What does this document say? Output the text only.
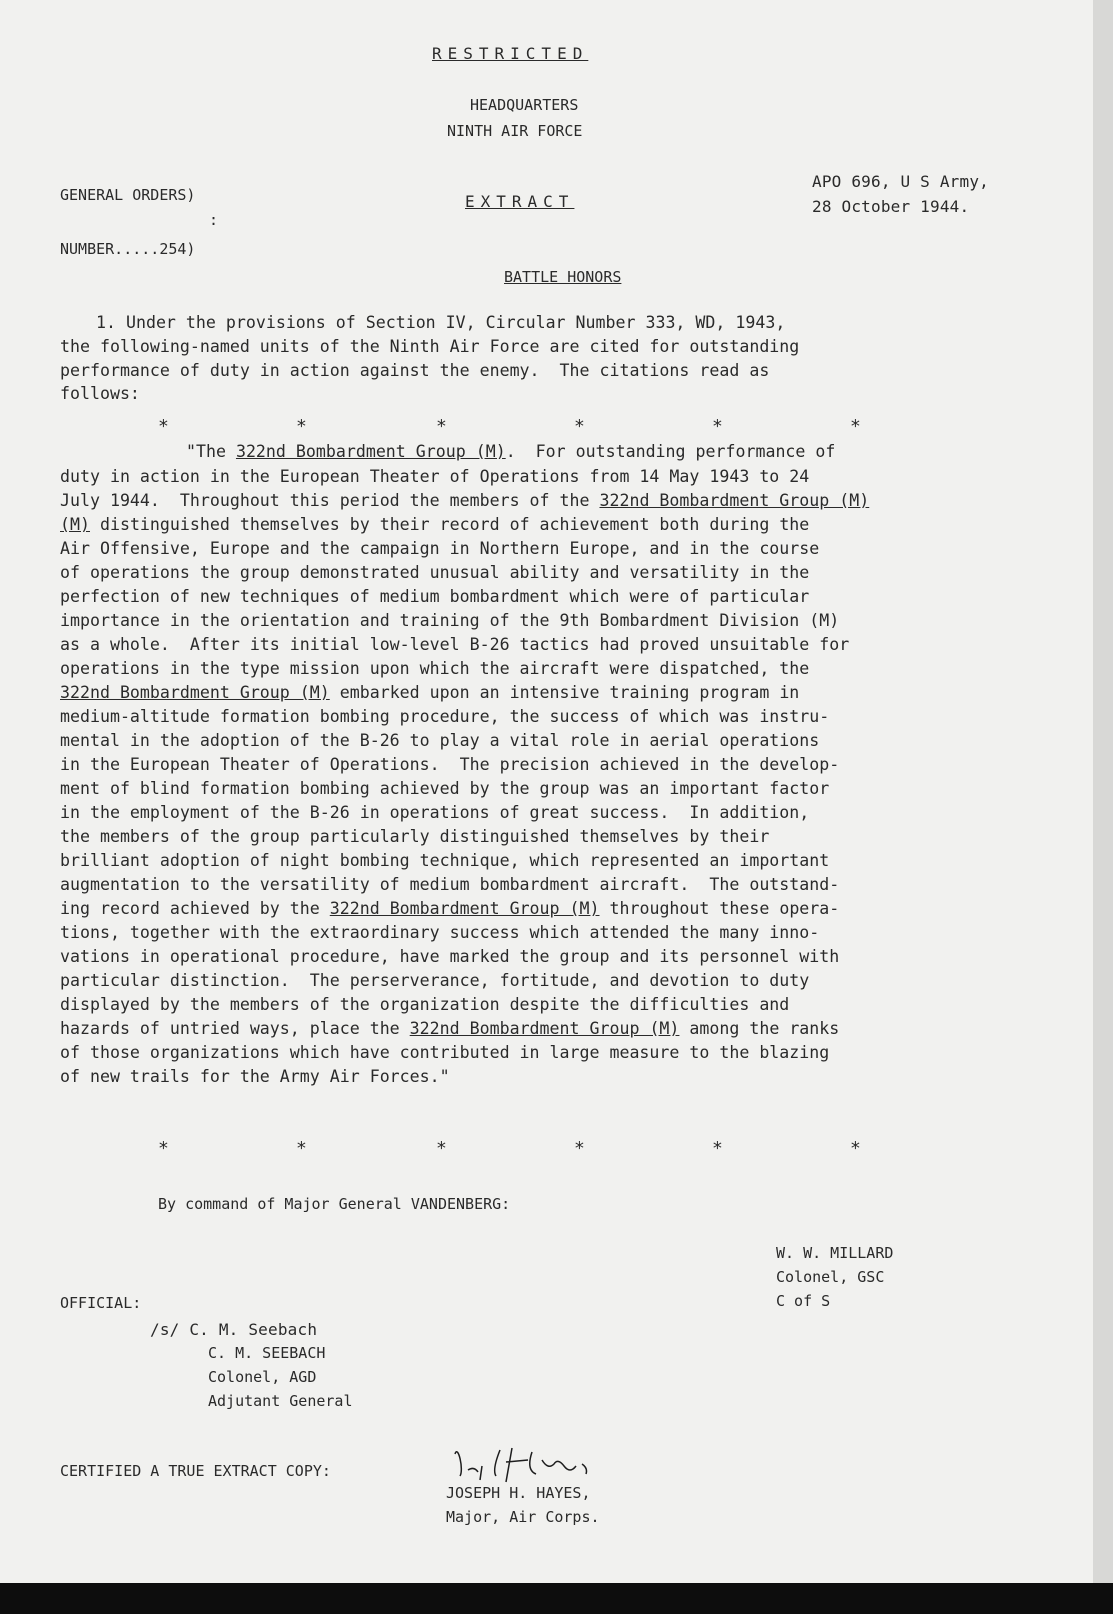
RESTRICTED
HEADQUARTERS
NINTH AIR FORCE
GENERAL ORDERS)
:
NUMBER.....254)
EXTRACT
APO 696, U S Army,
28 October 1944.
BATTLE HONORS
1. Under the provisions of Section IV, Circular Number 333, WD, 1943,
the following-named units of the Ninth Air Force are cited for outstanding
performance of duty in action against the enemy.  The citations read as
follows:
*	*	*	*	*	*
"The 322nd Bombardment Group (M).  For outstanding performance of
duty in action in the European Theater of Operations from 14 May 1943 to 24
July 1944.  Throughout this period the members of the 322nd Bombardment Group (M)
(M) distinguished themselves by their record of achievement both during the
Air Offensive, Europe and the campaign in Northern Europe, and in the course
of operations the group demonstrated unusual ability and versatility in the
perfection of new techniques of medium bombardment which were of particular
importance in the orientation and training of the 9th Bombardment Division (M)
as a whole.  After its initial low-level B-26 tactics had proved unsuitable for
operations in the type mission upon which the aircraft were dispatched, the
322nd Bombardment Group (M) embarked upon an intensive training program in
medium-altitude formation bombing procedure, the success of which was instru-
mental in the adoption of the B-26 to play a vital role in aerial operations
in the European Theater of Operations.  The precision achieved in the develop-
ment of blind formation bombing achieved by the group was an important factor
in the employment of the B-26 in operations of great success.  In addition,
the members of the group particularly distinguished themselves by their
brilliant adoption of night bombing technique, which represented an important
augmentation to the versatility of medium bombardment aircraft.  The outstand-
ing record achieved by the 322nd Bombardment Group (M) throughout these opera-
tions, together with the extraordinary success which attended the many inno-
vations in operational procedure, have marked the group and its personnel with
particular distinction.  The perserverance, fortitude, and devotion to duty
displayed by the members of the organization despite the difficulties and
hazards of untried ways, place the 322nd Bombardment Group (M) among the ranks
of those organizations which have contributed in large measure to the blazing
of new trails for the Army Air Forces."
*	*	*	*	*	*
By command of Major General VANDENBERG:
W. W. MILLARD
Colonel, GSC
C of S
OFFICIAL:
/s/ C. M. Seebach
C. M. SEEBACH
Colonel, AGD
Adjutant General
CERTIFIED A TRUE EXTRACT COPY:
JOSEPH H. HAYES,
Major, Air Corps.
